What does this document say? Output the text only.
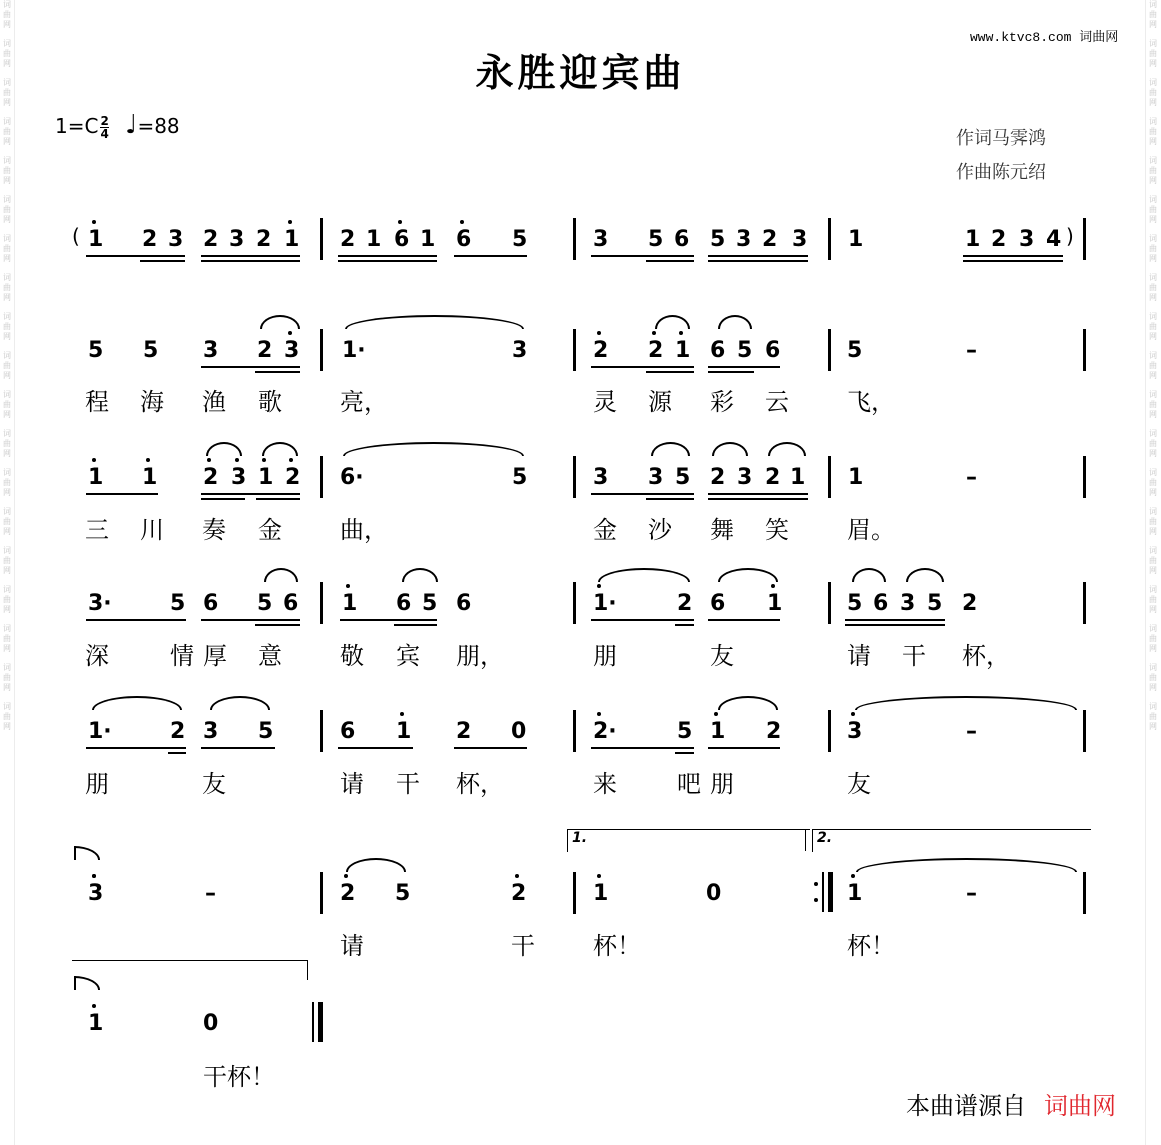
词
曲
网
词
曲
网
词
曲
网
词
曲
网
词
曲
网
词
曲
网
词
曲
网
词
曲
网
词
曲
网
词
曲
网
词
曲
网
词
曲
网
词
曲
网
词
曲
网
词
曲
网
词
曲
网
词
曲
网
词
曲
网
词
曲
网
词
曲
网
词
曲
网
词
曲
网
词
曲
网
词
曲
网
词
曲
网
词
曲
网
词
曲
网
词
曲
网
词
曲
网
词
曲
网
词
曲
网
词
曲
网
词
曲
网
词
曲
网
词
曲
网
词
曲
网
词
曲
网
词
曲
网
www.ktvc8.com 词曲网
永胜迎宾曲
$1=C \frac{2}{4}$ ♩=88
作词马霁鸿
作曲陈元绍
1 2 3 2 3 2 1 2 1 6 1 6 5	3 5 6 5 3 2 3 1	1 2 3 4
5 5 3 2 3 1·	3	2 2 1 6 5 6	5	–
1 1 2 3 1 2 6·	5	3 3 5 2 3 2 1 1	–
3·	5 6 5 6 1 6 5 6	1·	2 6 1	5 6 3 5 2
1·	2 3 5	6 1 2 0	2·	5 1 2	3	–
3	–	2 5	2	1	0	1	–
1	0
程 海 渔 歌 亮，	灵 源 彩 云 飞，
三 川 奏 金 曲，	金 沙 舞 笑 眉。
深	情 厚 意 敬 宾 朋，	朋	友	请 干 杯，
朋	友	请 干 杯，	来	吧 朋	友
请	干 杯！	杯！
干杯！
(	)
1.	2.
本曲谱源自 词曲网
